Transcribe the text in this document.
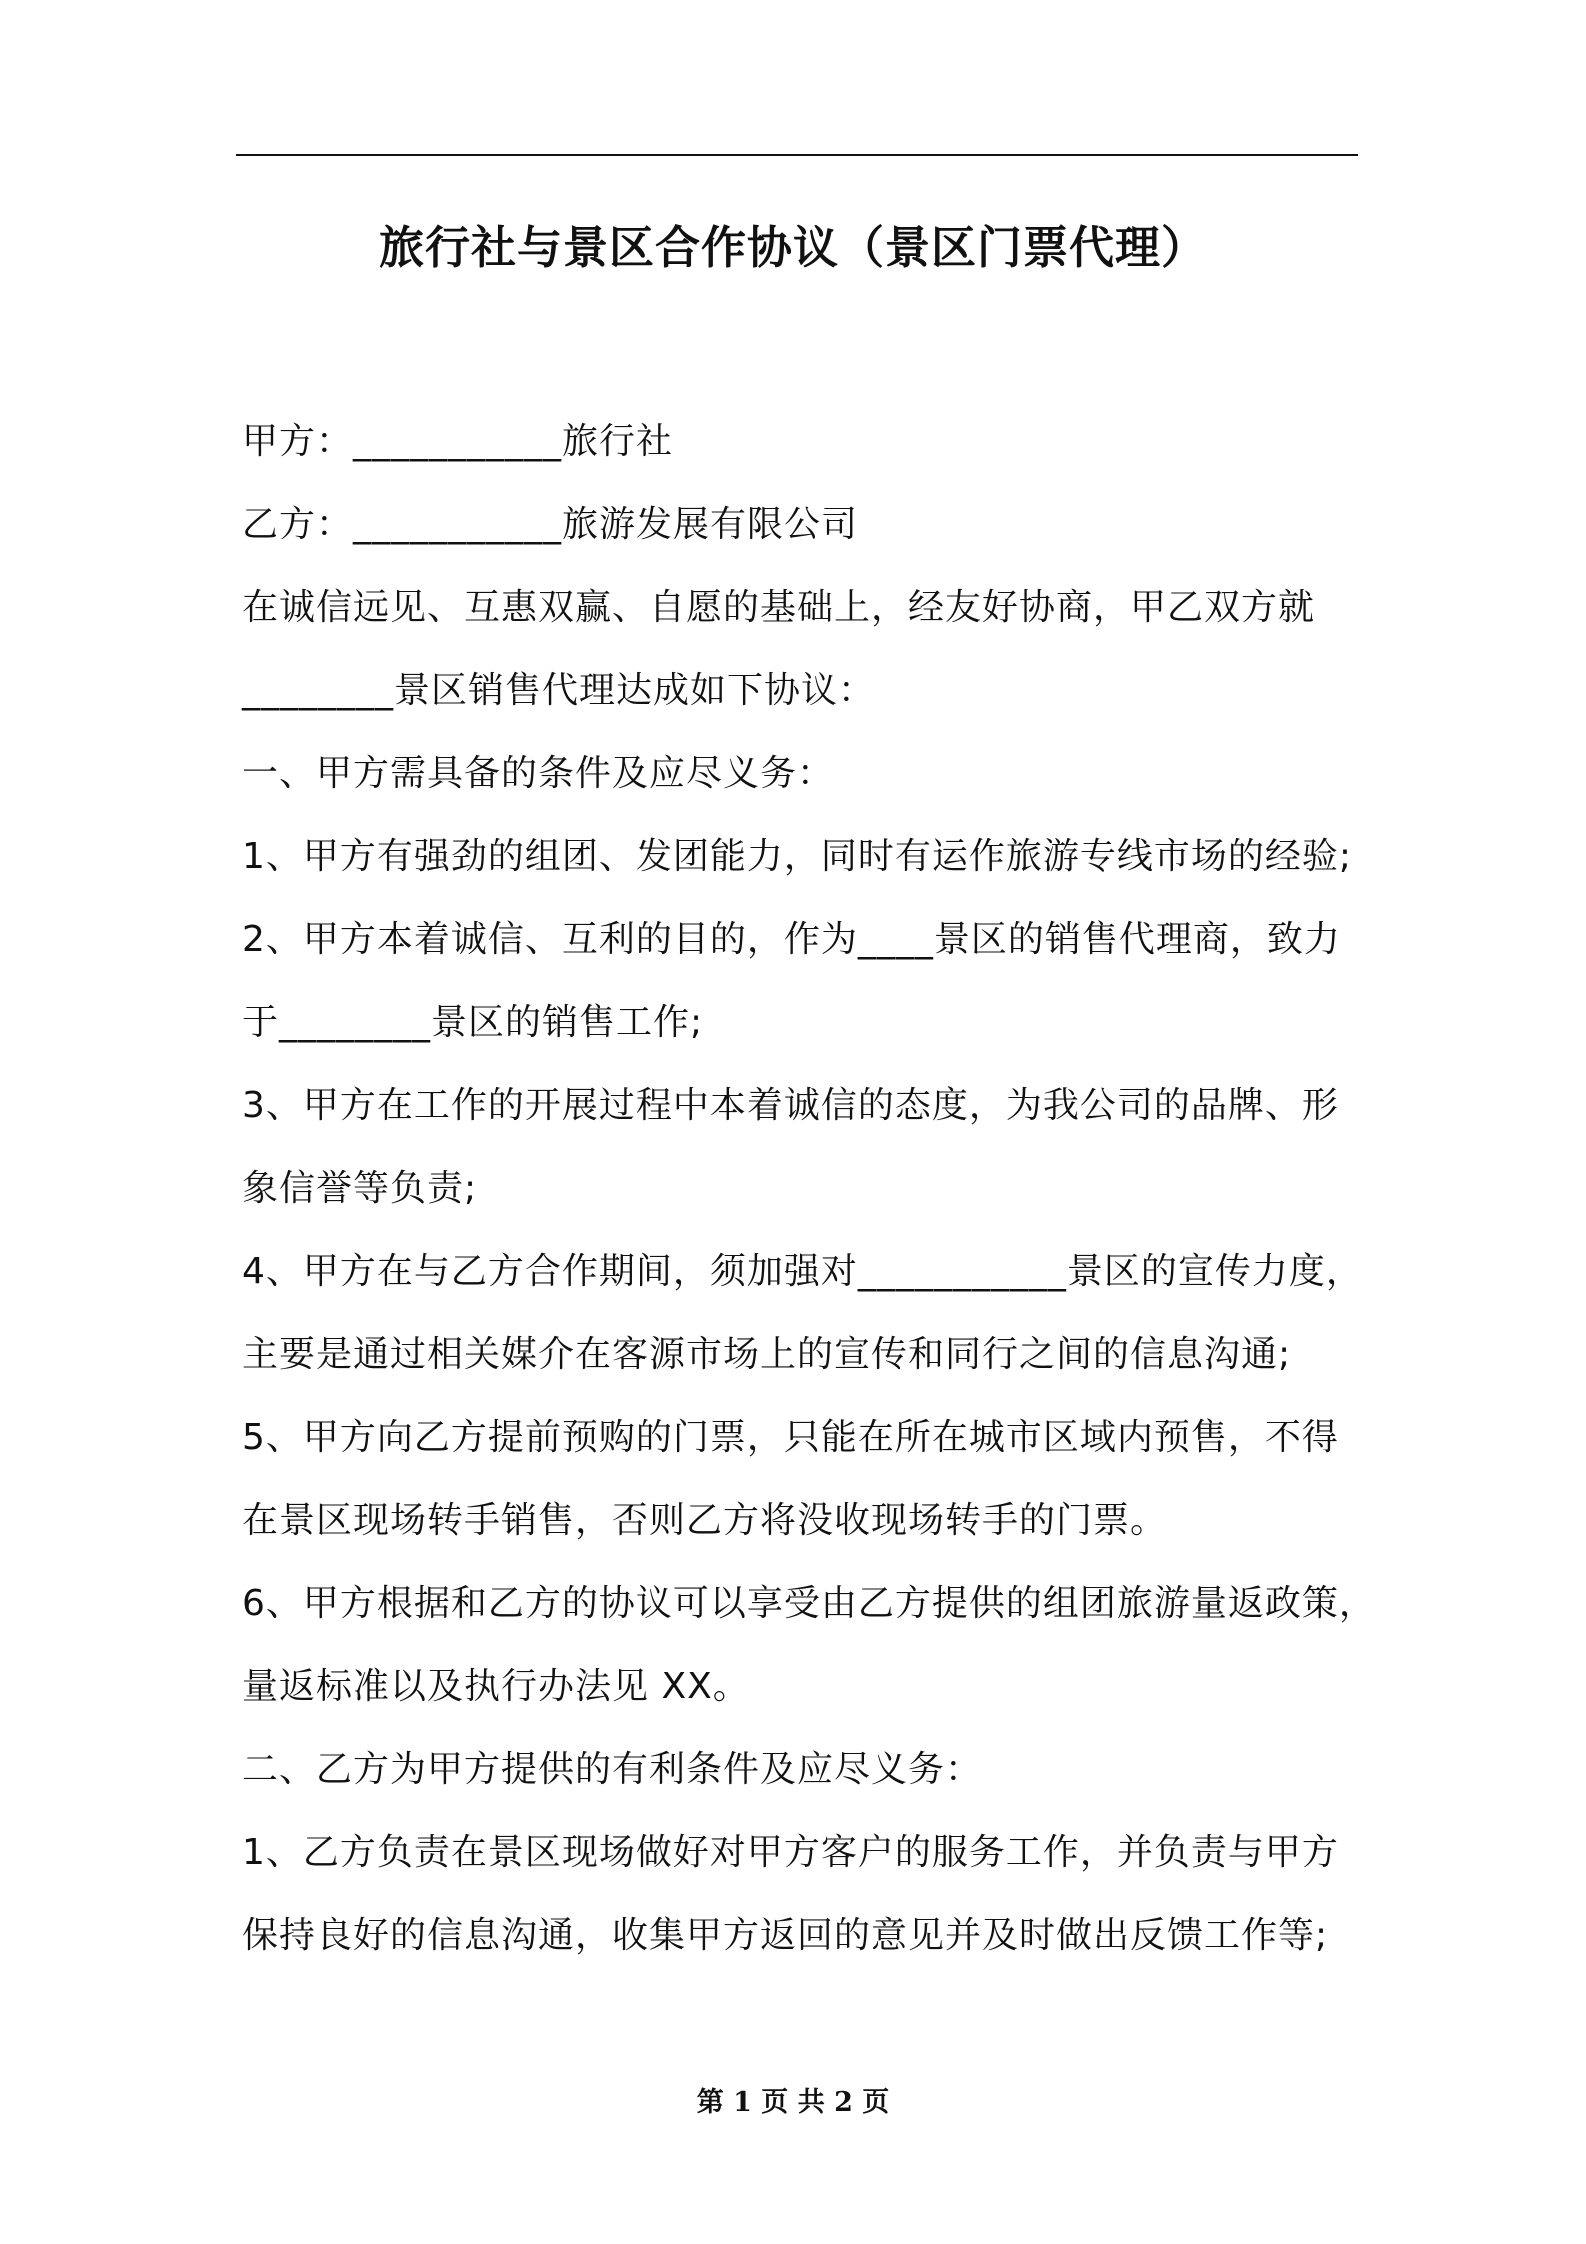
旅行社与景区合作协议（景区门票代理）
甲方：___________旅行社
乙方：___________旅游发展有限公司
在诚信远见、互惠双赢、自愿的基础上，经友好协商，甲乙双方就
________景区销售代理达成如下协议：
一、甲方需具备的条件及应尽义务：
1、甲方有强劲的组团、发团能力，同时有运作旅游专线市场的经验;
2、甲方本着诚信、互利的目的，作为____景区的销售代理商，致力
于________景区的销售工作;
3、甲方在工作的开展过程中本着诚信的态度，为我公司的品牌、形
象信誉等负责;
4、甲方在与乙方合作期间，须加强对___________景区的宣传力度，
主要是通过相关媒介在客源市场上的宣传和同行之间的信息沟通;
5、甲方向乙方提前预购的门票，只能在所在城市区域内预售，不得
在景区现场转手销售，否则乙方将没收现场转手的门票。
6、甲方根据和乙方的协议可以享受由乙方提供的组团旅游量返政策，
量返标准以及执行办法见 XX。
二、乙方为甲方提供的有利条件及应尽义务：
1、乙方负责在景区现场做好对甲方客户的服务工作，并负责与甲方
保持良好的信息沟通，收集甲方返回的意见并及时做出反馈工作等;
第 1 页 共 2 页
